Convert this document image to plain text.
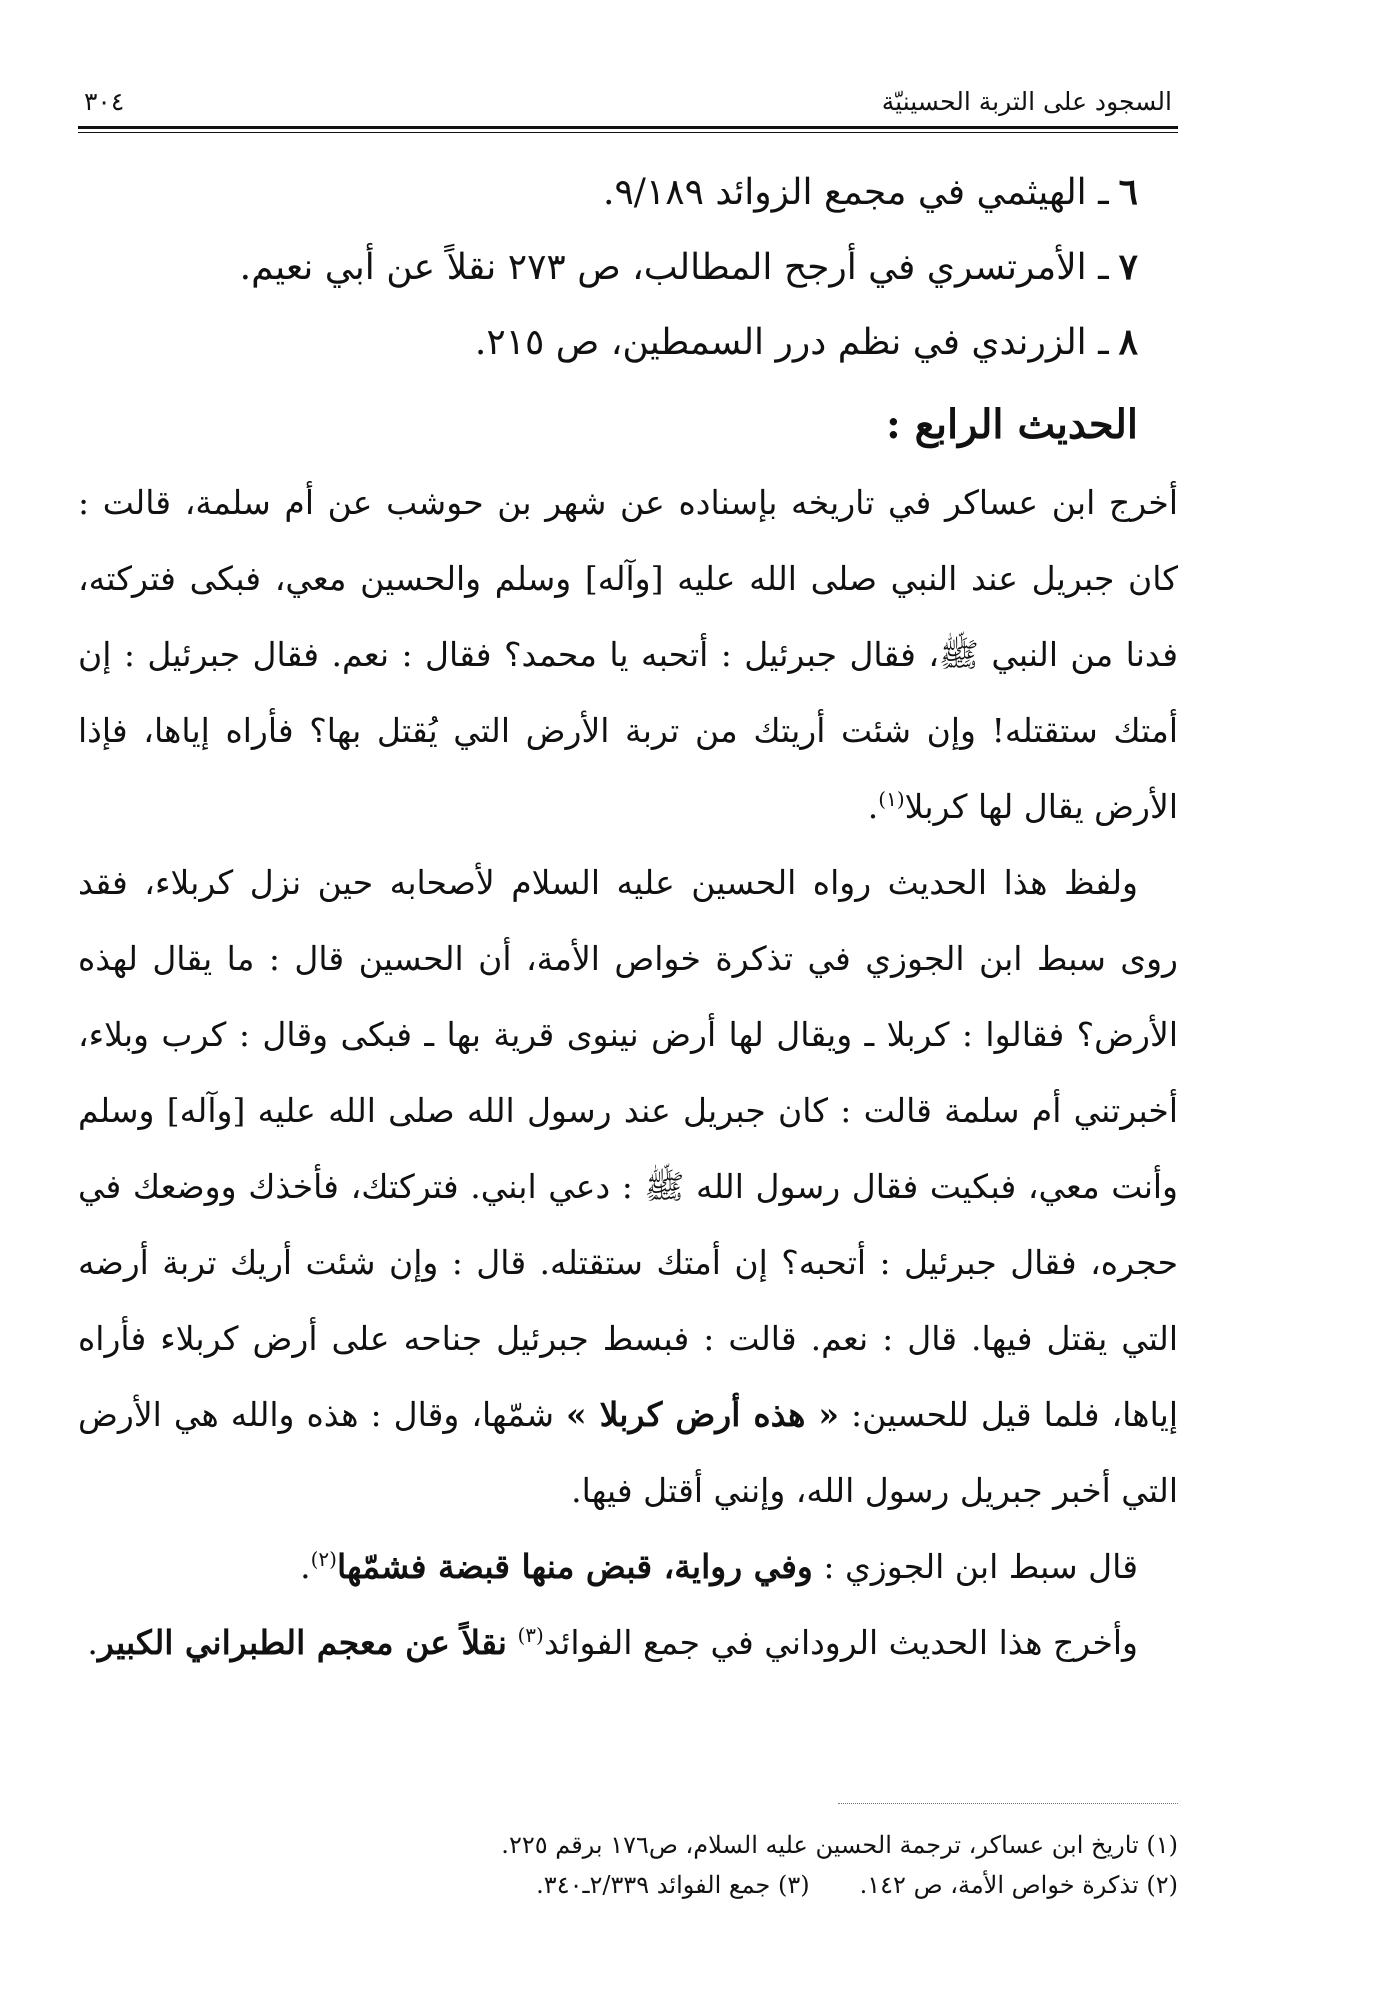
السجود على التربة الحسينيّة
٣٠٤
٦ـ الهيثمي في مجمع الزوائد ٩/١٨٩.
٧ـ الأمرتسري في أرجح المطالب، ص ٢٧٣ نقلاً عن أبي نعيم.
٨ـ الزرندي في نظم درر السمطين، ص ٢١٥.
الحديث الرابع :

أخرج ابن عساكر في تاريخه بإسناده عن شهر بن حوشب عن أم سلمة، قالت : كان جبريل عند النبي صلى الله عليه [وآله] وسلم والحسين معي، فبكى فتركته، فدنا من النبي ﷺ، فقال جبرئيل : أتحبه يا محمد؟ فقال : نعم. فقال جبرئيل : إن أمتك ستقتله! وإن شئت أريتك من تربة الأرض التي يُقتل بها؟ فأراه إياها، فإذا الأرض يقال لها كربلا$^{(١)}$.

ولفظ هذا الحديث رواه الحسين عليه السلام لأصحابه حين نزل كربلاء، فقد روى سبط ابن الجوزي في تذكرة خواص الأمة، أن الحسين قال : ما يقال لهذه الأرض؟ فقالوا : كربلا ـ ويقال لها أرض نينوى قرية بها ـ فبكى وقال : كرب وبلاء، أخبرتني أم سلمة قالت : كان جبريل عند رسول الله صلى الله عليه [وآله] وسلم وأنت معي، فبكيت فقال رسول الله ﷺ : دعي ابني. فتركتك، فأخذك ووضعك في حجره، فقال جبرئيل : أتحبه؟ إن أمتك ستقتله. قال : وإن شئت أريك تربة أرضه التي يقتل فيها. قال : نعم. قالت : فبسط جبرئيل جناحه على أرض كربلاء فأراه إياها، فلما قيل للحسين: « هذه أرض كربلا » شمّها، وقال : هذه والله هي الأرض التي أخبر جبريل رسول الله، وإنني أقتل فيها.

قال سبط ابن الجوزي : وفي رواية، قبض منها قبضة فشمّها$^{(٢)}$.

وأخرج هذا الحديث الروداني في جمع الفوائد$^{(٣)}$ نقلاً عن معجم الطبراني الكبير.

(١) تاريخ ابن عساكر، ترجمة الحسين عليه السلام، ص١٧٦ برقم ٢٢٥.
(٢) تذكرة خواص الأمة، ص ١٤٢.
(٣) جمع الفوائد ٢/٣٣٩ـ٣٤٠.
